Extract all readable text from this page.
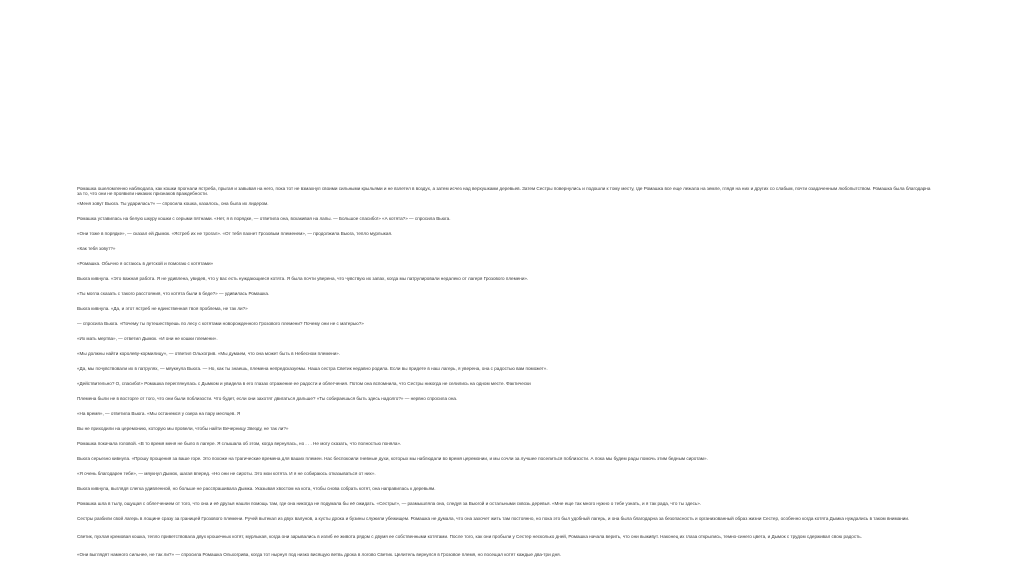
Ромашка ошеломленно наблюдала, как кошки прогнали ястреба, прыгая и завывая на него, пока тот не взмахнул своими сильными крыльями и не взлетел в воздух, а затем исчез над верхушками деревьев. Затем Сестры повернулись и подошли к тому месту, где Ромашка все еще лежала на земле, глядя на них и других со слабым, почти озадаченным любопытством. Ромашка была благодарна за то, что они не проявили никаких признаков враждебности.

«Меня зовут Вьюга. Ты ударилась?» — спросила кошка, казалось, она была их лидером.

Ромашка уставилась на белую шкуру кошки с серыми пятнами. «Нет, я в порядке, — ответила она, вскакивая на лапы. — Большое спасибо!» «А котята?» — спросила Вьюга.

«Они тоже в порядке», — сказал ей Дымок. «Ястреб их не трогал». «От тебя пахнет Грозовым племенем», — продолжила Вьюга, тепло мурлыкая.

«Как тебя зовут?»

«Ромашка. Обычно я остаюсь в детской и помогаю с котятами»

Вьюга кивнула. «Это важная работа. Я не удивлена, увидев, что у вас есть нуждающиеся котята. Я была почти уверена, что чувствую их запах, когда мы патрулировали недалеко от лагеря Грозового племени».

«Ты могла сказать с такого расстояния, что котята были в беде?» — удивилась Ромашка.

Вьюга кивнула. «Да, и этот ястреб не единственная твоя проблема, не так ли?»

— спросила Вьюга. «Почему ты путешествуешь по лесу с котятами новорожденного Грозового племени? Почему они не с матерью?»

«Их мать мертва», — ответил Дымок. «И они не кошки племени».

«Мы должны найти королеву-кормилицу», — ответил Ольхогрив. «Мы думаем, что она может быть в Небесном племени».

«Да, мы почувствовали их в патрулях, — мяукнула Вьюга. — Но, как ты знаешь, племена непредсказуемы. Наша сестра Светик недавно родила. Если вы придете в наш лагерь, я уверена, она с радостью вам поможет».

«Действительно? О, спасибо!» Ромашка переглянулась с Дымком и увидела в его глазах отражение ее радости и облегчения. Потом она вспомнила, что Сестры никогда не селились на одном месте. Фактически

Племена были не в восторге от того, что они были поблизости. Что будет, если они захотят двигаться дальше? «Ты собираешься быть здесь надолго?» — нервно спросила она.

«На время», — ответила Вьюга. «Мы останемся у озера на пару месяцев. Я

Вы не приходили на церемонию, которую мы провели, чтобы найти Вечерницу Звезду, не так ли?»

Ромашка покачала головой. «В то время меня не было в лагере. Я слышала об этом, когда вернулась, но . . . Не могу сказать, что полностью поняла».

Вьюга серьезно кивнула. «Прошу прощения за ваше горе. Это похоже на трагические времена для ваших племен. Нас беспокоили гневные духи, которых мы наблюдали во время церемонии, и мы сочли за лучшее поселиться поблизости. А пока мы будем рады помочь этим бедным сиротам».

«Я очень благодарен тебе», — мяукнул Дымок, шагая вперед. «Но они не сироты. Это мои котята. И я не собираюсь отказываться от них».

Вьюга кивнула, выглядя слегка удивленной, но больше не расспрашивала Дымка. Указывая хвостом на кота, чтобы снова собрать котят, она направилась к деревьям.

Ромашка шла в тылу, ощущая с облегчением от того, что она и её друзья нашли помощь там, где она никогда не подумала бы её ожидать. «Сестры!», — размышляла она, следуя за Вьюгой и остальными сквозь деревья. «Мне еще так много нужно о тебе узнать, и я так рада, что ты здесь».

Сестры разбили свой лагерь в лощине сразу за границей Грозового племени. Ручей вытекал из двух валунов, а кусты дрока и бузины служили убежищем. Ромашка не думала, что она захочет жить там постоянно, но пока это был удобный лагерь, и она была благодарна за безопасность и организованный образ жизни Сестер, особенно когда котята Дымка нуждались в таком внимании.

Светик, пухлая кремовая кошка, тепло приветствовала двух крошечных котят, мурлыкая, когда они зарывались в изгиб ее живота рядом с двумя ее собственными котятами. После того, как они пробыли у Сестер несколько дней, Ромашка начала верить, что они выживут. Наконец их глаза открылись, темно-синего цвета, и Дымок с трудом сдерживал свою радость.

«Они выглядят намного сильнее, не так ли?» — спросила Ромашка Ольхогрива, когда тот нырнул под низко висящую ветвь дрока в логово Светик. Целитель вернулся в Грозовое племя, но посещал котят каждые два-три дня.
